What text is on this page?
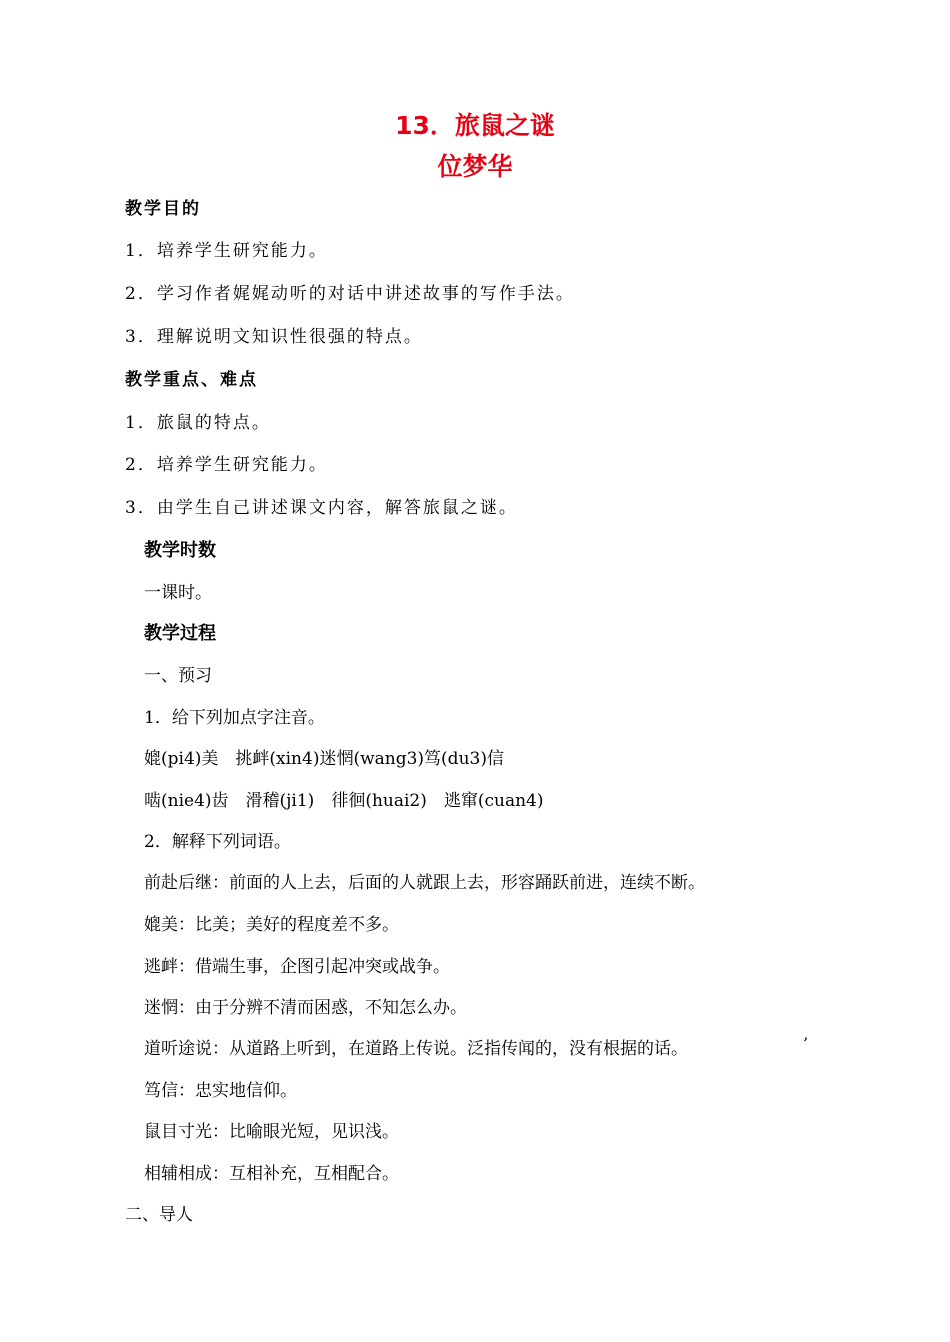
13．旅鼠之谜
位梦华
教学目的
1．培养学生研究能力。
2．学习作者娓娓动听的对话中讲述故事的写作手法。
3．理解说明文知识性很强的特点。
教学重点、难点
1．旅鼠的特点。
2．培养学生研究能力。
3．由学生自己讲述课文内容，解答旅鼠之谜。
教学时数
一课时。
教学过程
一、预习
1．给下列加点字注音。
媲(pi4)美　挑衅(xin4)迷惘(wang3)笃(du3)信
啮(nie4)齿　滑稽(ji1)　徘徊(huai2)　逃窜(cuan4)
2．解释下列词语。
前赴后继：前面的人上去，后面的人就跟上去，形容踊跃前进，连续不断。
媲美：比美；美好的程度差不多。
逃衅：借端生事，企图引起冲突或战争。
迷惘：由于分辨不清而困惑，不知怎么办。
道听途说：从道路上听到，在道路上传说。泛指传闻的，没有根据的话。	’
笃信：忠实地信仰。
鼠目寸光：比喻眼光短，见识浅。
相辅相成：互相补充，互相配合。
二、导人
